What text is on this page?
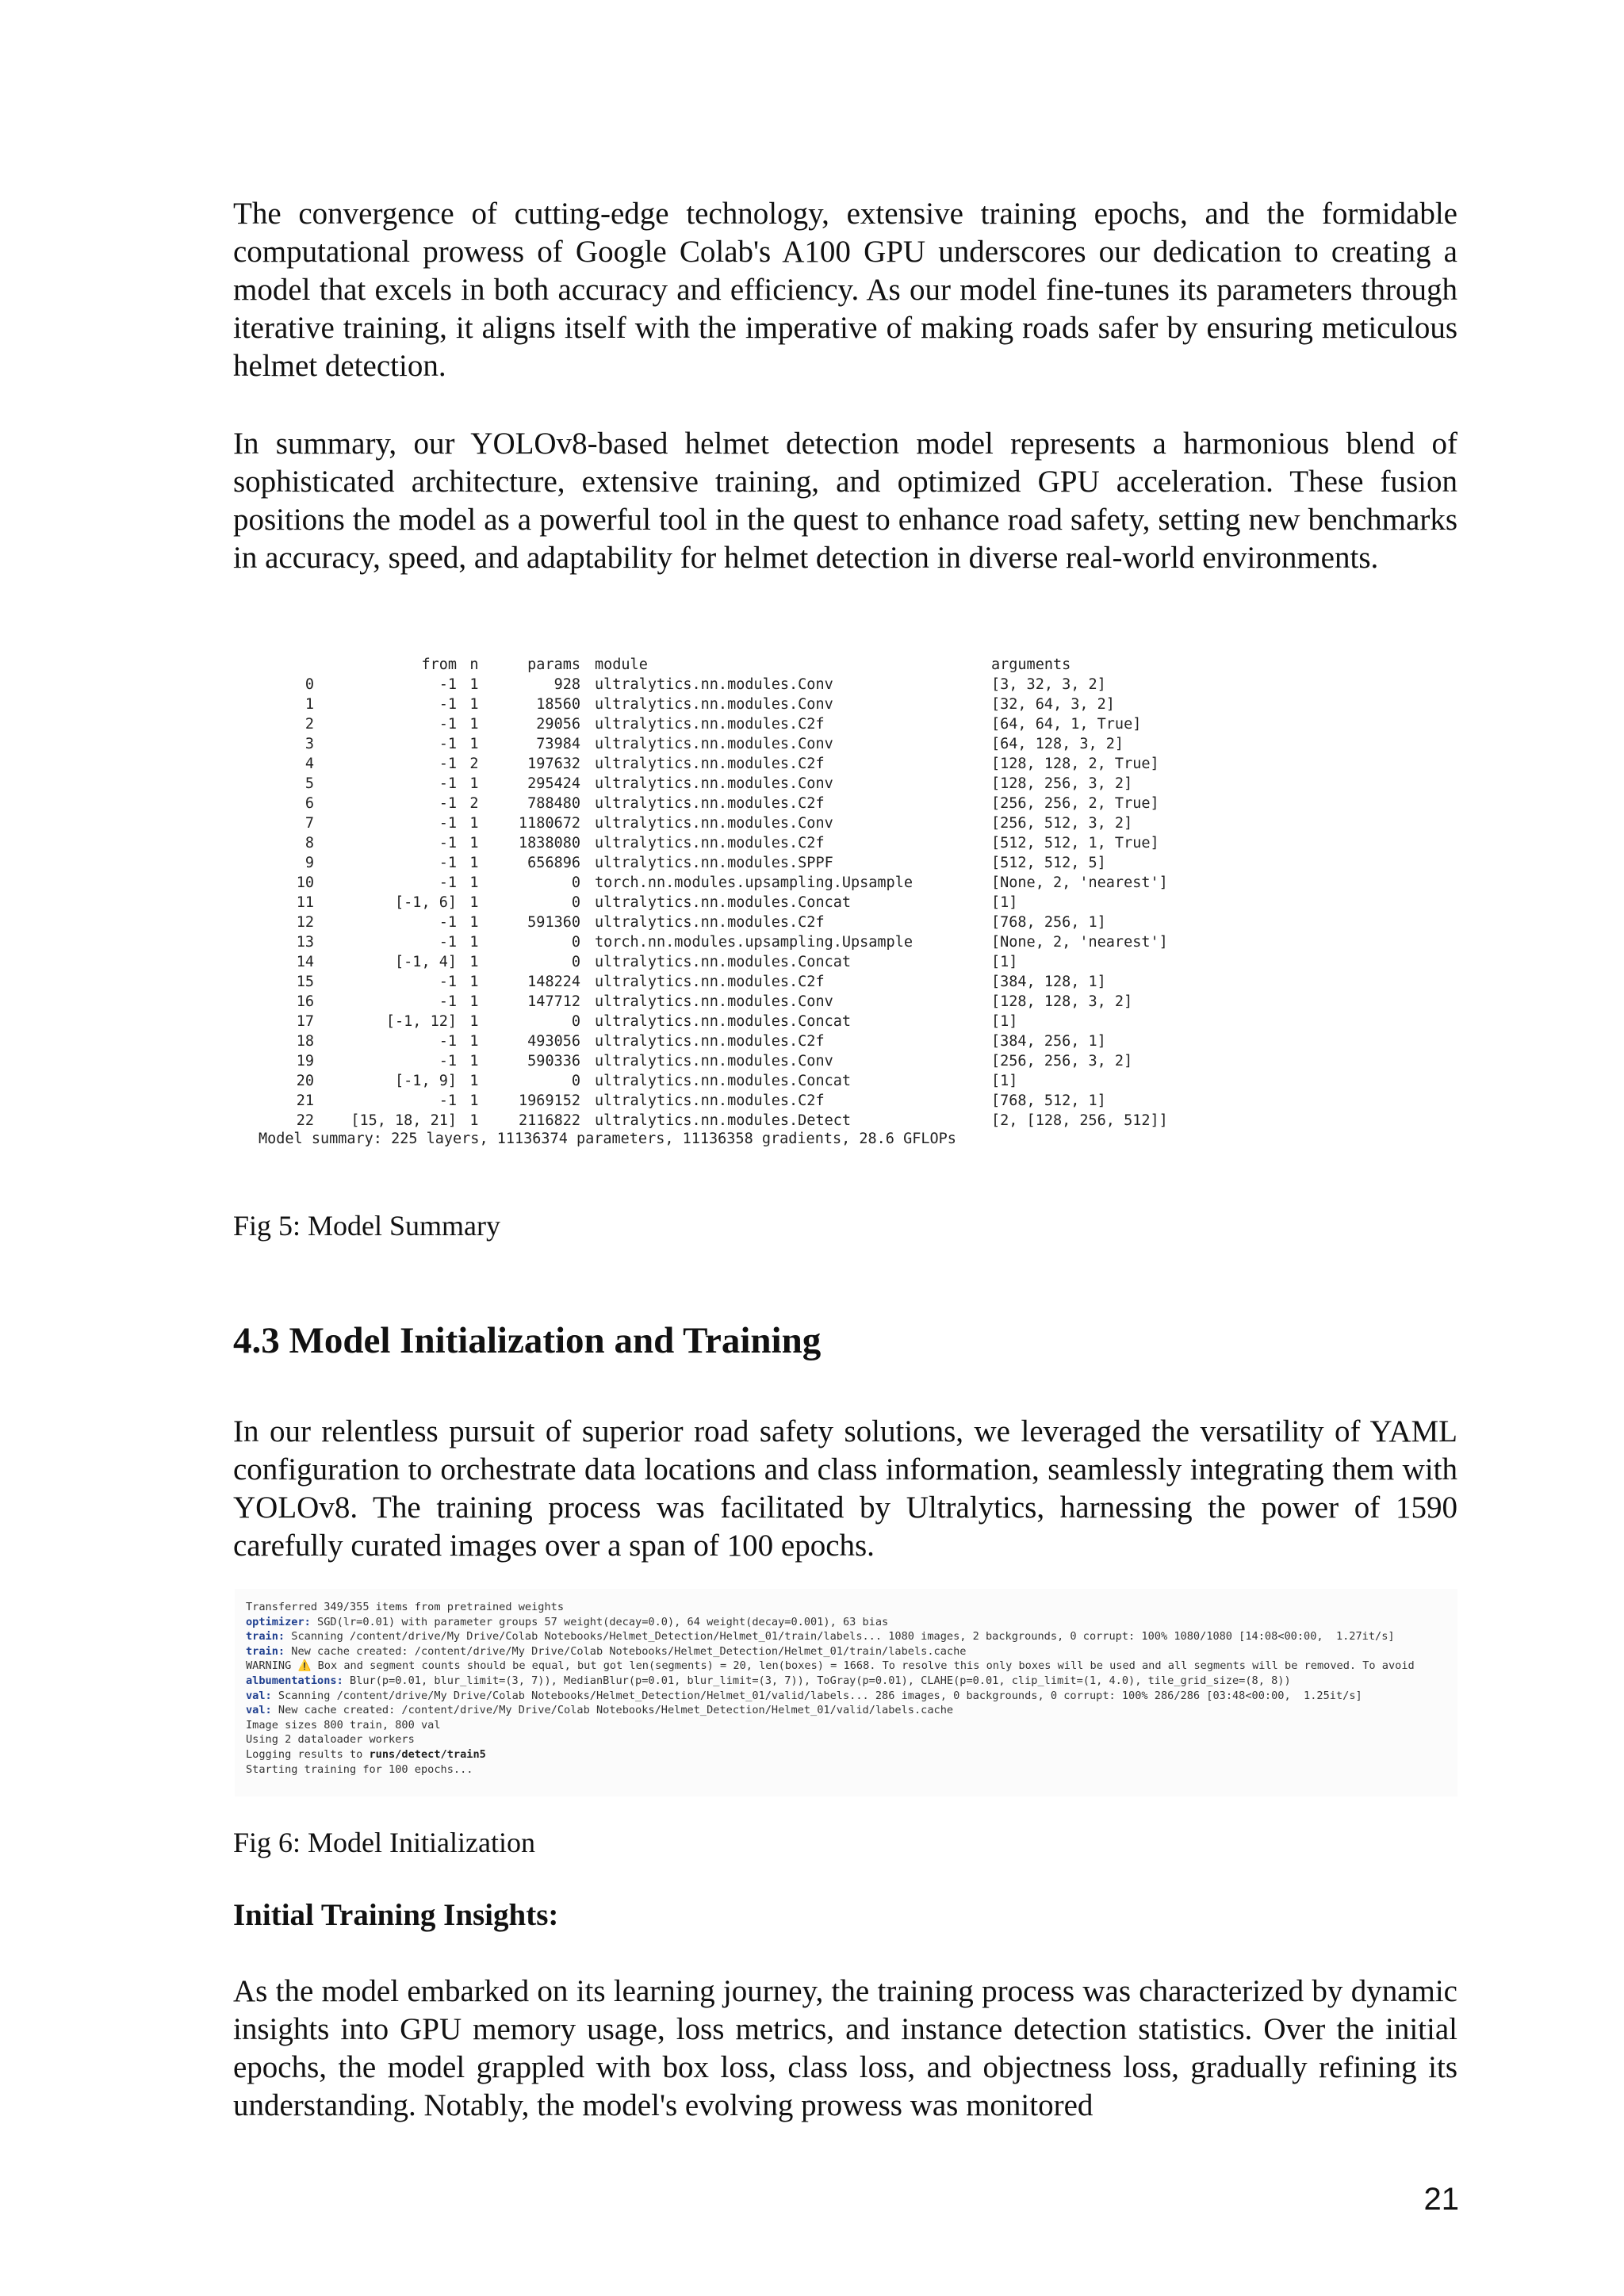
The convergence of cutting-edge technology, extensive training epochs, and the formidable computational prowess of Google Colab's A100 GPU underscores our dedication to creating a model that excels in both accuracy and efficiency. As our model fine-tunes its parameters through iterative training, it aligns itself with the imperative of making roads safer by ensuring meticulous helmet detection.

In summary, our YOLOv8-based helmet detection model represents a harmonious blend of sophisticated architecture, extensive training, and optimized GPU acceleration. These fusion positions the model as a powerful tool in the quest to enhance road safety, setting new benchmarks in accuracy, speed, and adaptability for helmet detection in diverse real-world environments.

	from	n	params	module	arguments
0	-1	1	928	ultralytics.nn.modules.Conv	[3, 32, 3, 2]
1	-1	1	18560	ultralytics.nn.modules.Conv	[32, 64, 3, 2]
2	-1	1	29056	ultralytics.nn.modules.C2f	[64, 64, 1, True]
3	-1	1	73984	ultralytics.nn.modules.Conv	[64, 128, 3, 2]
4	-1	2	197632	ultralytics.nn.modules.C2f	[128, 128, 2, True]
5	-1	1	295424	ultralytics.nn.modules.Conv	[128, 256, 3, 2]
6	-1	2	788480	ultralytics.nn.modules.C2f	[256, 256, 2, True]
7	-1	1	1180672	ultralytics.nn.modules.Conv	[256, 512, 3, 2]
8	-1	1	1838080	ultralytics.nn.modules.C2f	[512, 512, 1, True]
9	-1	1	656896	ultralytics.nn.modules.SPPF	[512, 512, 5]
10	-1	1	0	torch.nn.modules.upsampling.Upsample	[None, 2, 'nearest']
11	[-1, 6]	1	0	ultralytics.nn.modules.Concat	[1]
12	-1	1	591360	ultralytics.nn.modules.C2f	[768, 256, 1]
13	-1	1	0	torch.nn.modules.upsampling.Upsample	[None, 2, 'nearest']
14	[-1, 4]	1	0	ultralytics.nn.modules.Concat	[1]
15	-1	1	148224	ultralytics.nn.modules.C2f	[384, 128, 1]
16	-1	1	147712	ultralytics.nn.modules.Conv	[128, 128, 3, 2]
17	[-1, 12]	1	0	ultralytics.nn.modules.Concat	[1]
18	-1	1	493056	ultralytics.nn.modules.C2f	[384, 256, 1]
19	-1	1	590336	ultralytics.nn.modules.Conv	[256, 256, 3, 2]
20	[-1, 9]	1	0	ultralytics.nn.modules.Concat	[1]
21	-1	1	1969152	ultralytics.nn.modules.C2f	[768, 512, 1]
22	[15, 18, 21]	1	2116822	ultralytics.nn.modules.Detect	[2, [128, 256, 512]]
Model summary: 225 layers, 11136374 parameters, 11136358 gradients, 28.6 GFLOPs
Fig 5: Model Summary
4.3 Model Initialization and Training

In our relentless pursuit of superior road safety solutions, we leveraged the versatility of YAML configuration to orchestrate data locations and class information, seamlessly integrating them with YOLOv8. The training process was facilitated by Ultralytics, harnessing the power of 1590 carefully curated images over a span of 100 epochs.

Transferred 349/355 items from pretrained weights
optimizer: SGD(lr=0.01) with parameter groups 57 weight(decay=0.0), 64 weight(decay=0.001), 63 bias
train: Scanning /content/drive/My Drive/Colab Notebooks/Helmet_Detection/Helmet_01/train/labels... 1080 images, 2 backgrounds, 0 corrupt: 100% 1080/1080 [14:08<00:00,  1.27it/s]
train: New cache created: /content/drive/My Drive/Colab Notebooks/Helmet_Detection/Helmet_01/train/labels.cache
WARNING ⚠️ Box and segment counts should be equal, but got len(segments) = 20, len(boxes) = 1668. To resolve this only boxes will be used and all segments will be removed. To avoid
albumentations: Blur(p=0.01, blur_limit=(3, 7)), MedianBlur(p=0.01, blur_limit=(3, 7)), ToGray(p=0.01), CLAHE(p=0.01, clip_limit=(1, 4.0), tile_grid_size=(8, 8))
val: Scanning /content/drive/My Drive/Colab Notebooks/Helmet_Detection/Helmet_01/valid/labels... 286 images, 0 backgrounds, 0 corrupt: 100% 286/286 [03:48<00:00,  1.25it/s]
val: New cache created: /content/drive/My Drive/Colab Notebooks/Helmet_Detection/Helmet_01/valid/labels.cache
Image sizes 800 train, 800 val
Using 2 dataloader workers
Logging results to runs/detect/train5
Starting training for 100 epochs...
Fig 6: Model Initialization
Initial Training Insights:

As the model embarked on its learning journey, the training process was characterized by dynamic insights into GPU memory usage, loss metrics, and instance detection statistics. Over the initial epochs, the model grappled with box loss, class loss, and objectness loss, gradually refining its understanding. Notably, the model's evolving prowess was monitored

21
